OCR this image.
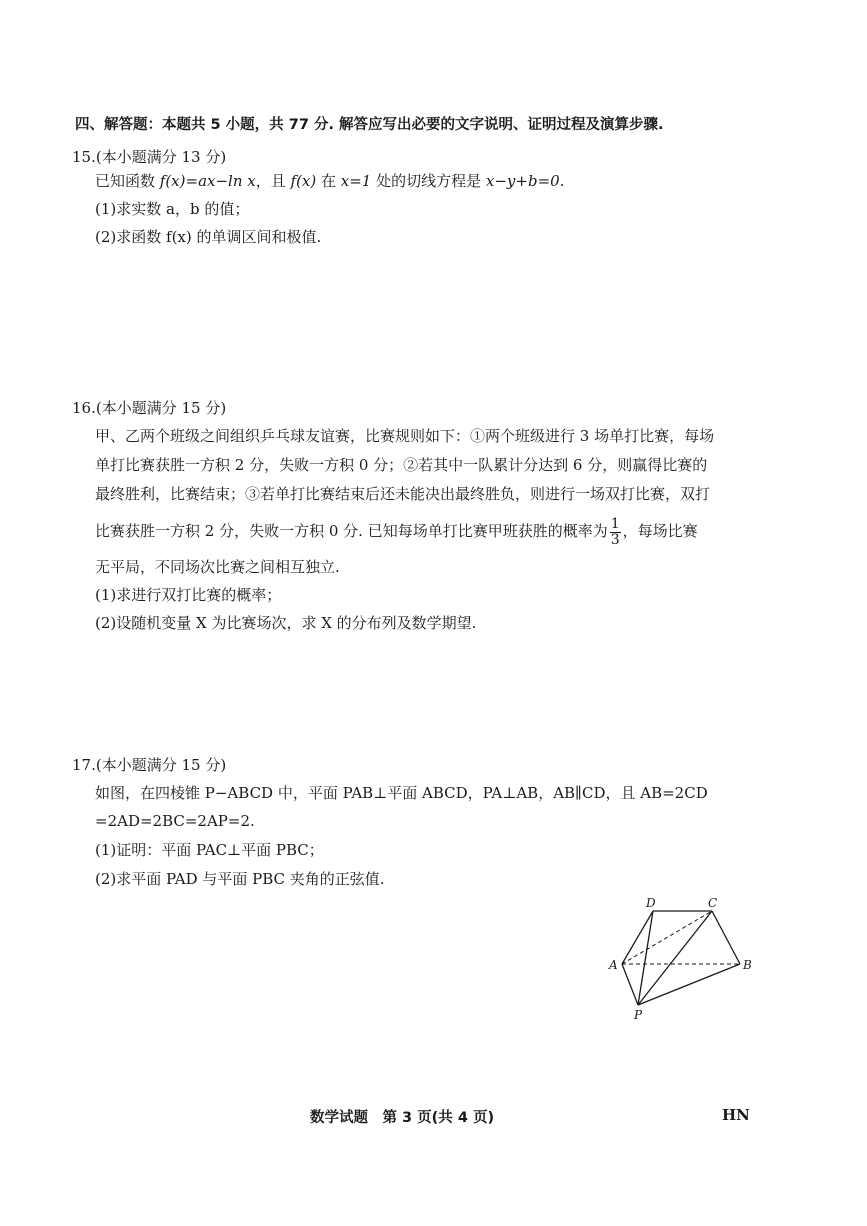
四、解答题：本题共 5 小题，共 77 分. 解答应写出必要的文字说明、证明过程及演算步骤.
15.(本小题满分 13 分)
已知函数 f(x)=ax−ln x，且 f(x) 在 x=1 处的切线方程是 x−y+b=0.
(1)求实数 a，b 的值；
(2)求函数 f(x) 的单调区间和极值.
16.(本小题满分 15 分)
甲、乙两个班级之间组织乒乓球友谊赛，比赛规则如下：①两个班级进行 3 场单打比赛，每场
单打比赛获胜一方积 2 分，失败一方积 0 分；②若其中一队累计分达到 6 分，则赢得比赛的
最终胜利，比赛结束；③若单打比赛结束后还未能决出最终胜负，则进行一场双打比赛，双打
比赛获胜一方积 2 分，失败一方积 0 分. 已知每场单打比赛甲班获胜的概率为 $\frac{1}{3}$ ，每场比赛
无平局，不同场次比赛之间相互独立.
(1)求进行双打比赛的概率；
(2)设随机变量 X 为比赛场次，求 X 的分布列及数学期望.
17.(本小题满分 15 分)
如图，在四棱锥 P−ABCD 中，平面 PAB⊥平面 ABCD，PA⊥AB，AB∥CD，且 AB=2CD
=2AD=2BC=2AP=2.
(1)证明：平面 PAC⊥平面 PBC；
(2)求平面 PAD 与平面 PBC 夹角的正弦值.
D	C
A	B
P
数学试题　第 3 页(共 4 页)	HN
